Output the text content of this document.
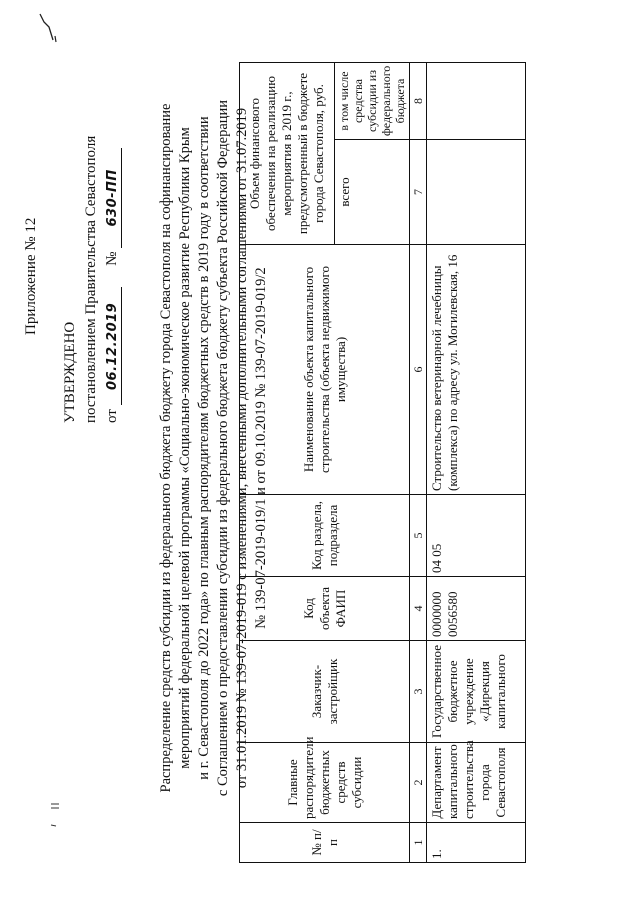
Приложение № 12
УТВЕРЖДЕНО постановлением Правительства Севастополя от 06.12.2019  № 630-ПП	Распределение средств субсидии из федерального бюджета бюджету города Севастополя на софинансирование мероприятий федеральной целевой программы «Социально-экономическое развитие Республики Крым и г. Севастополя до 2022 года» по главным распорядителям бюджетных средств в 2019 году в соответствии с Соглашением о предоставлении субсидии из федерального бюджета бюджету субъекта Российской Федерации от 31.01.2019 № 139-07-2019-019 с изменениями, внесенными дополнительными соглашениями от 31.07.2019 № 139-07-2019-019/1 и от 09.10.2019 № 139-07-2019-019/2
№ п/п	Главные распорядители бюджетных средств субсидии	Заказчик-застройщик	Код объекта ФАИП	Код раздела, подраздела	Наименование объекта капитального строительства (объекта недвижимого имущества)	Объем финансового обеспечения на реализацию мероприятия в 2019 г., предусмотренный в бюджете города Севастополя, руб.	
						всего	в том числе средства субсидии из федерального бюджета
1	2	3	4	5	6	7	8
1.	Департамент капитального строительства города Севастополя	Государственное бюджетное учреждение «Дирекция капитального	0000000 0056580	04 05	Строительство ветеринарной лечебницы (комплекса) по адресу ул. Могилевская, 16		
